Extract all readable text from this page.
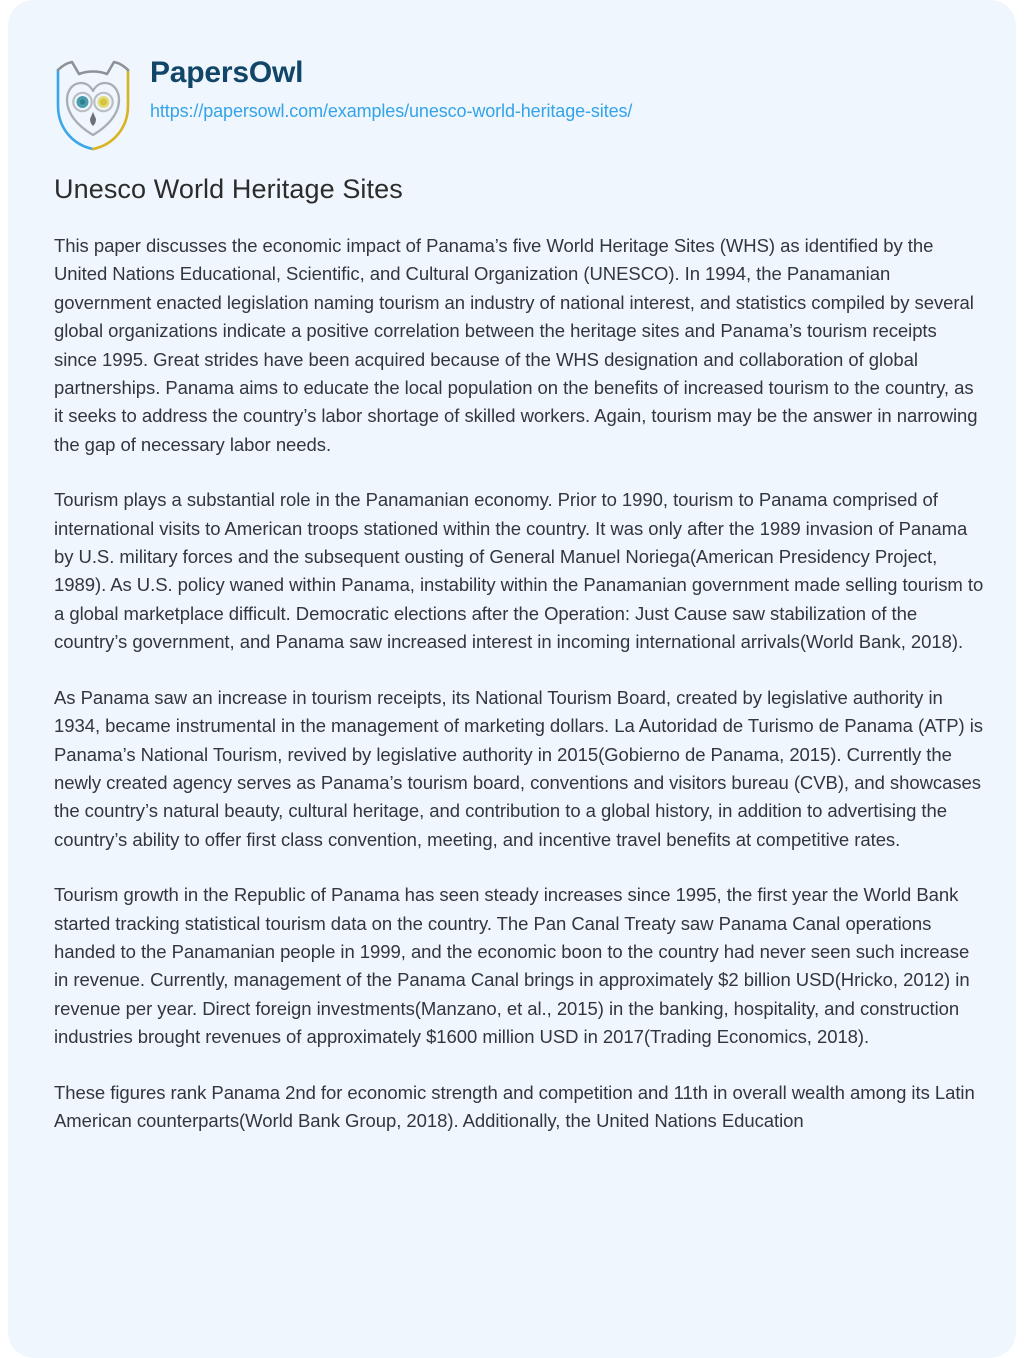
PapersOwl
https://papersowl.com/examples/unesco-world-heritage-sites/
Unesco World Heritage Sites

This paper discusses the economic impact of Panama’s five World Heritage Sites (WHS) as identified by the United Nations Educational, Scientific, and Cultural Organization (UNESCO). In 1994, the Panamanian government enacted legislation naming tourism an industry of national interest, and statistics compiled by several global organizations indicate a positive correlation between the heritage sites and Panama’s tourism receipts since 1995. Great strides have been acquired because of the WHS designation and collaboration of global partnerships. Panama aims to educate the local population on the benefits of increased tourism to the country, as it seeks to address the country’s labor shortage of skilled workers. Again, tourism may be the answer in narrowing the gap of necessary labor needs.

Tourism plays a substantial role in the Panamanian economy. Prior to 1990, tourism to Panama comprised of international visits to American troops stationed within the country. It was only after the 1989 invasion of Panama by U.S. military forces and the subsequent ousting of General Manuel Noriega(American Presidency Project, 1989). As U.S. policy waned within Panama, instability within the Panamanian government made selling tourism to a global marketplace difficult. Democratic elections after the Operation: Just Cause saw stabilization of the country’s government, and Panama saw increased interest in incoming international arrivals(World Bank, 2018).

As Panama saw an increase in tourism receipts, its National Tourism Board, created by legislative authority in 1934, became instrumental in the management of marketing dollars. La Autoridad de Turismo de Panama (ATP) is Panama’s National Tourism, revived by legislative authority in 2015(Gobierno de Panama, 2015). Currently the newly created agency serves as Panama’s tourism board, conventions and visitors bureau (CVB), and showcases the country’s natural beauty, cultural heritage, and contribution to a global history, in addition to advertising the country’s ability to offer first class convention, meeting, and incentive travel benefits at competitive rates.

Tourism growth in the Republic of Panama has seen steady increases since 1995, the first year the World Bank started tracking statistical tourism data on the country. The Pan Canal Treaty saw Panama Canal operations handed to the Panamanian people in 1999, and the economic boon to the country had never seen such increase in revenue. Currently, management of the Panama Canal brings in approximately $2 billion USD(Hricko, 2012) in revenue per year. Direct foreign investments(Manzano, et al., 2015) in the banking, hospitality, and construction industries brought revenues of approximately $1600 million USD in 2017(Trading Economics, 2018).

These figures rank Panama 2nd for economic strength and competition and 11th in overall wealth among its Latin American counterparts(World Bank Group, 2018). Additionally, the United Nations Education
